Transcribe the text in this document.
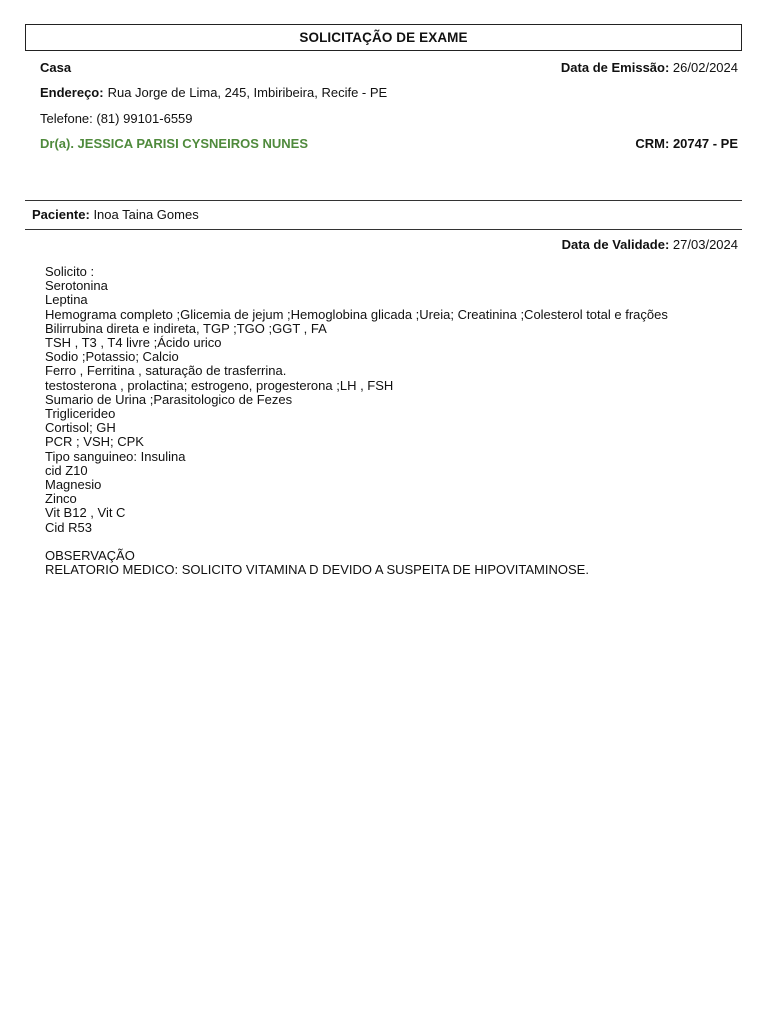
SOLICITAÇÃO DE EXAME
Casa	Data de Emissão: 26/02/2024
Endereço: Rua Jorge de Lima, 245, Imbiribeira, Recife - PE
Telefone: (81) 99101-6559
Dr(a). JESSICA PARISI CYSNEIROS NUNES	CRM: 20747 - PE
Paciente: Inoa Taina Gomes
Data de Validade: 27/03/2024
Solicito :
Serotonina
Leptina
Hemograma completo ;Glicemia de jejum ;Hemoglobina glicada ;Ureia; Creatinina ;Colesterol total e frações
Bilirrubina direta e indireta, TGP ;TGO ;GGT , FA
TSH , T3 , T4 livre ;Ácido urico
Sodio ;Potassio; Calcio
Ferro , Ferritina , saturação de trasferrina.
testosterona , prolactina; estrogeno, progesterona ;LH , FSH
Sumario de Urina ;Parasitologico de Fezes
Triglicerideo
Cortisol; GH
PCR ; VSH; CPK
Tipo sanguineo: Insulina
cid Z10
Magnesio
Zinco
Vit B12 , Vit C
Cid R53
OBSERVAÇÃO
RELATORIO MEDICO: SOLICITO VITAMINA D DEVIDO A SUSPEITA DE HIPOVITAMINOSE.
